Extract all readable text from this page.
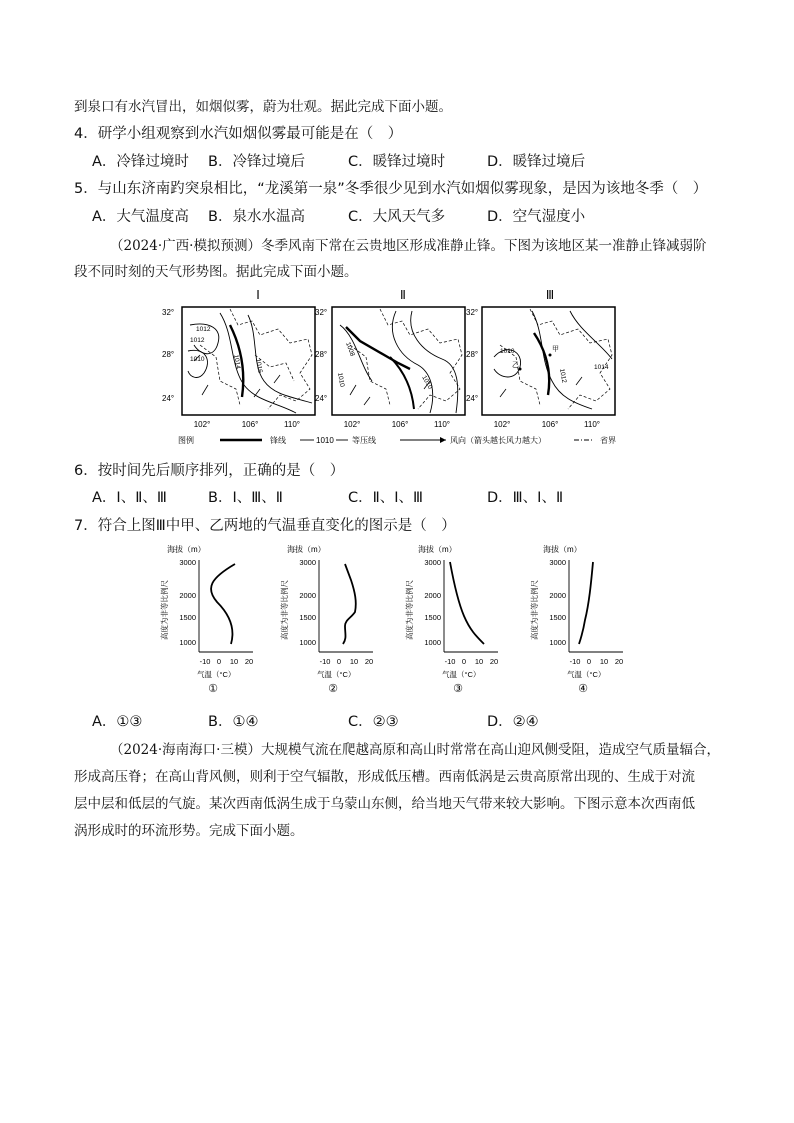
到泉口有水汽冒出，如烟似雾，蔚为壮观。据此完成下面小题。
4．研学小组观察到水汽如烟似雾最可能是在（　）
A．冷锋过境时 B．冷锋过境后	C．暖锋过境时	D．暖锋过境后
5．与山东济南趵突泉相比，“龙溪第一泉”冬季很少见到水汽如烟似雾现象，是因为该地冬季（　）
A．大气温度高 B．泉水水温高	C．大风天气多	D．空气湿度小
（2024·广西·模拟预测）冬季风南下常在云贵地区形成准静止锋。下图为该地区某一准静止锋减弱阶
段不同时刻的天气形势图。据此完成下面小题。
Ⅰ	Ⅱ	Ⅲ
1012
1012
1010	1014 1016
1008
1010	1010
1010
1012
1014
甲
乙
32°
28°
24°
32°
28°
24°
32°
28°
24°
102°	106°	110°	102°	106°	110°	102°	106°	110°
图例	锋线	1010 等压线	风向（箭头越长风力越大）	省界
6．按时间先后顺序排列，正确的是（　）
A．Ⅰ、Ⅱ、Ⅲ	B．Ⅰ、Ⅲ、Ⅱ	C．Ⅱ、Ⅰ、Ⅲ	D．Ⅲ、Ⅰ、Ⅱ
7．符合上图Ⅲ中甲、乙两地的气温垂直变化的图示是（　）
海拔（m）
高度为非等比例尺
3000
2000
1500
1000
-10 0 10 20
气温（°C）
①
海拔（m）
高度为非等比例尺
3000
2000
1500
1000
-10 0 10 20
气温（°C）
②
海拔（m）
高度为非等比例尺
3000
2000
1500
1000
-10 0 10 20
气温（°C）
③
海拔（m）
高度为非等比例尺
3000
2000
1500
1000
-10 0 10 20
气温（°C）
④
A．①③	B．①④	C．②③	D．②④
（2024·海南海口·三模）大规模气流在爬越高原和高山时常常在高山迎风侧受阻，造成空气质量辐合，
形成高压脊；在高山背风侧，则利于空气辐散，形成低压槽。西南低涡是云贵高原常出现的、生成于对流
层中层和低层的气旋。某次西南低涡生成于乌蒙山东侧，给当地天气带来较大影响。下图示意本次西南低
涡形成时的环流形势。完成下面小题。
